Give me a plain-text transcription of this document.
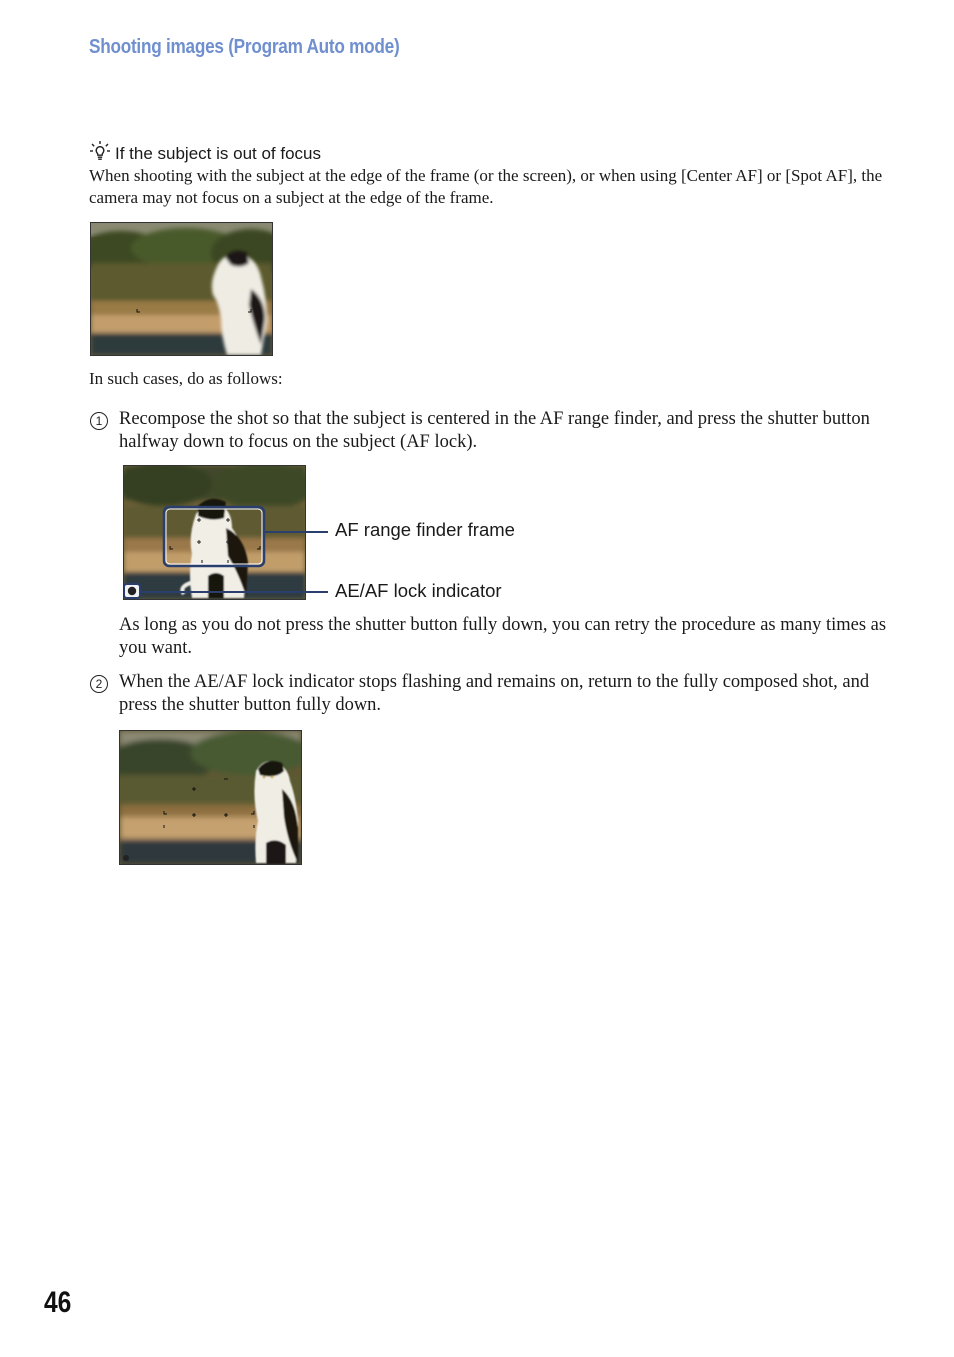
Shooting images (Program Auto mode)
If the subject is out of focus
When shooting with the subject at the edge of the frame (or the screen), or when using [Center AF] or [Spot AF], the camera may not focus on a subject at the edge of the frame.
In such cases, do as follows:
1 Recompose the shot so that the subject is centered in the AF range finder, and press the shutter button halfway down to focus on the subject (AF lock).
AF range finder frame
AE/AF lock indicator
As long as you do not press the shutter button fully down, you can retry the procedure as many times as you want.
2 When the AE/AF lock indicator stops flashing and remains on, return to the fully composed shot, and press the shutter button fully down.
46
